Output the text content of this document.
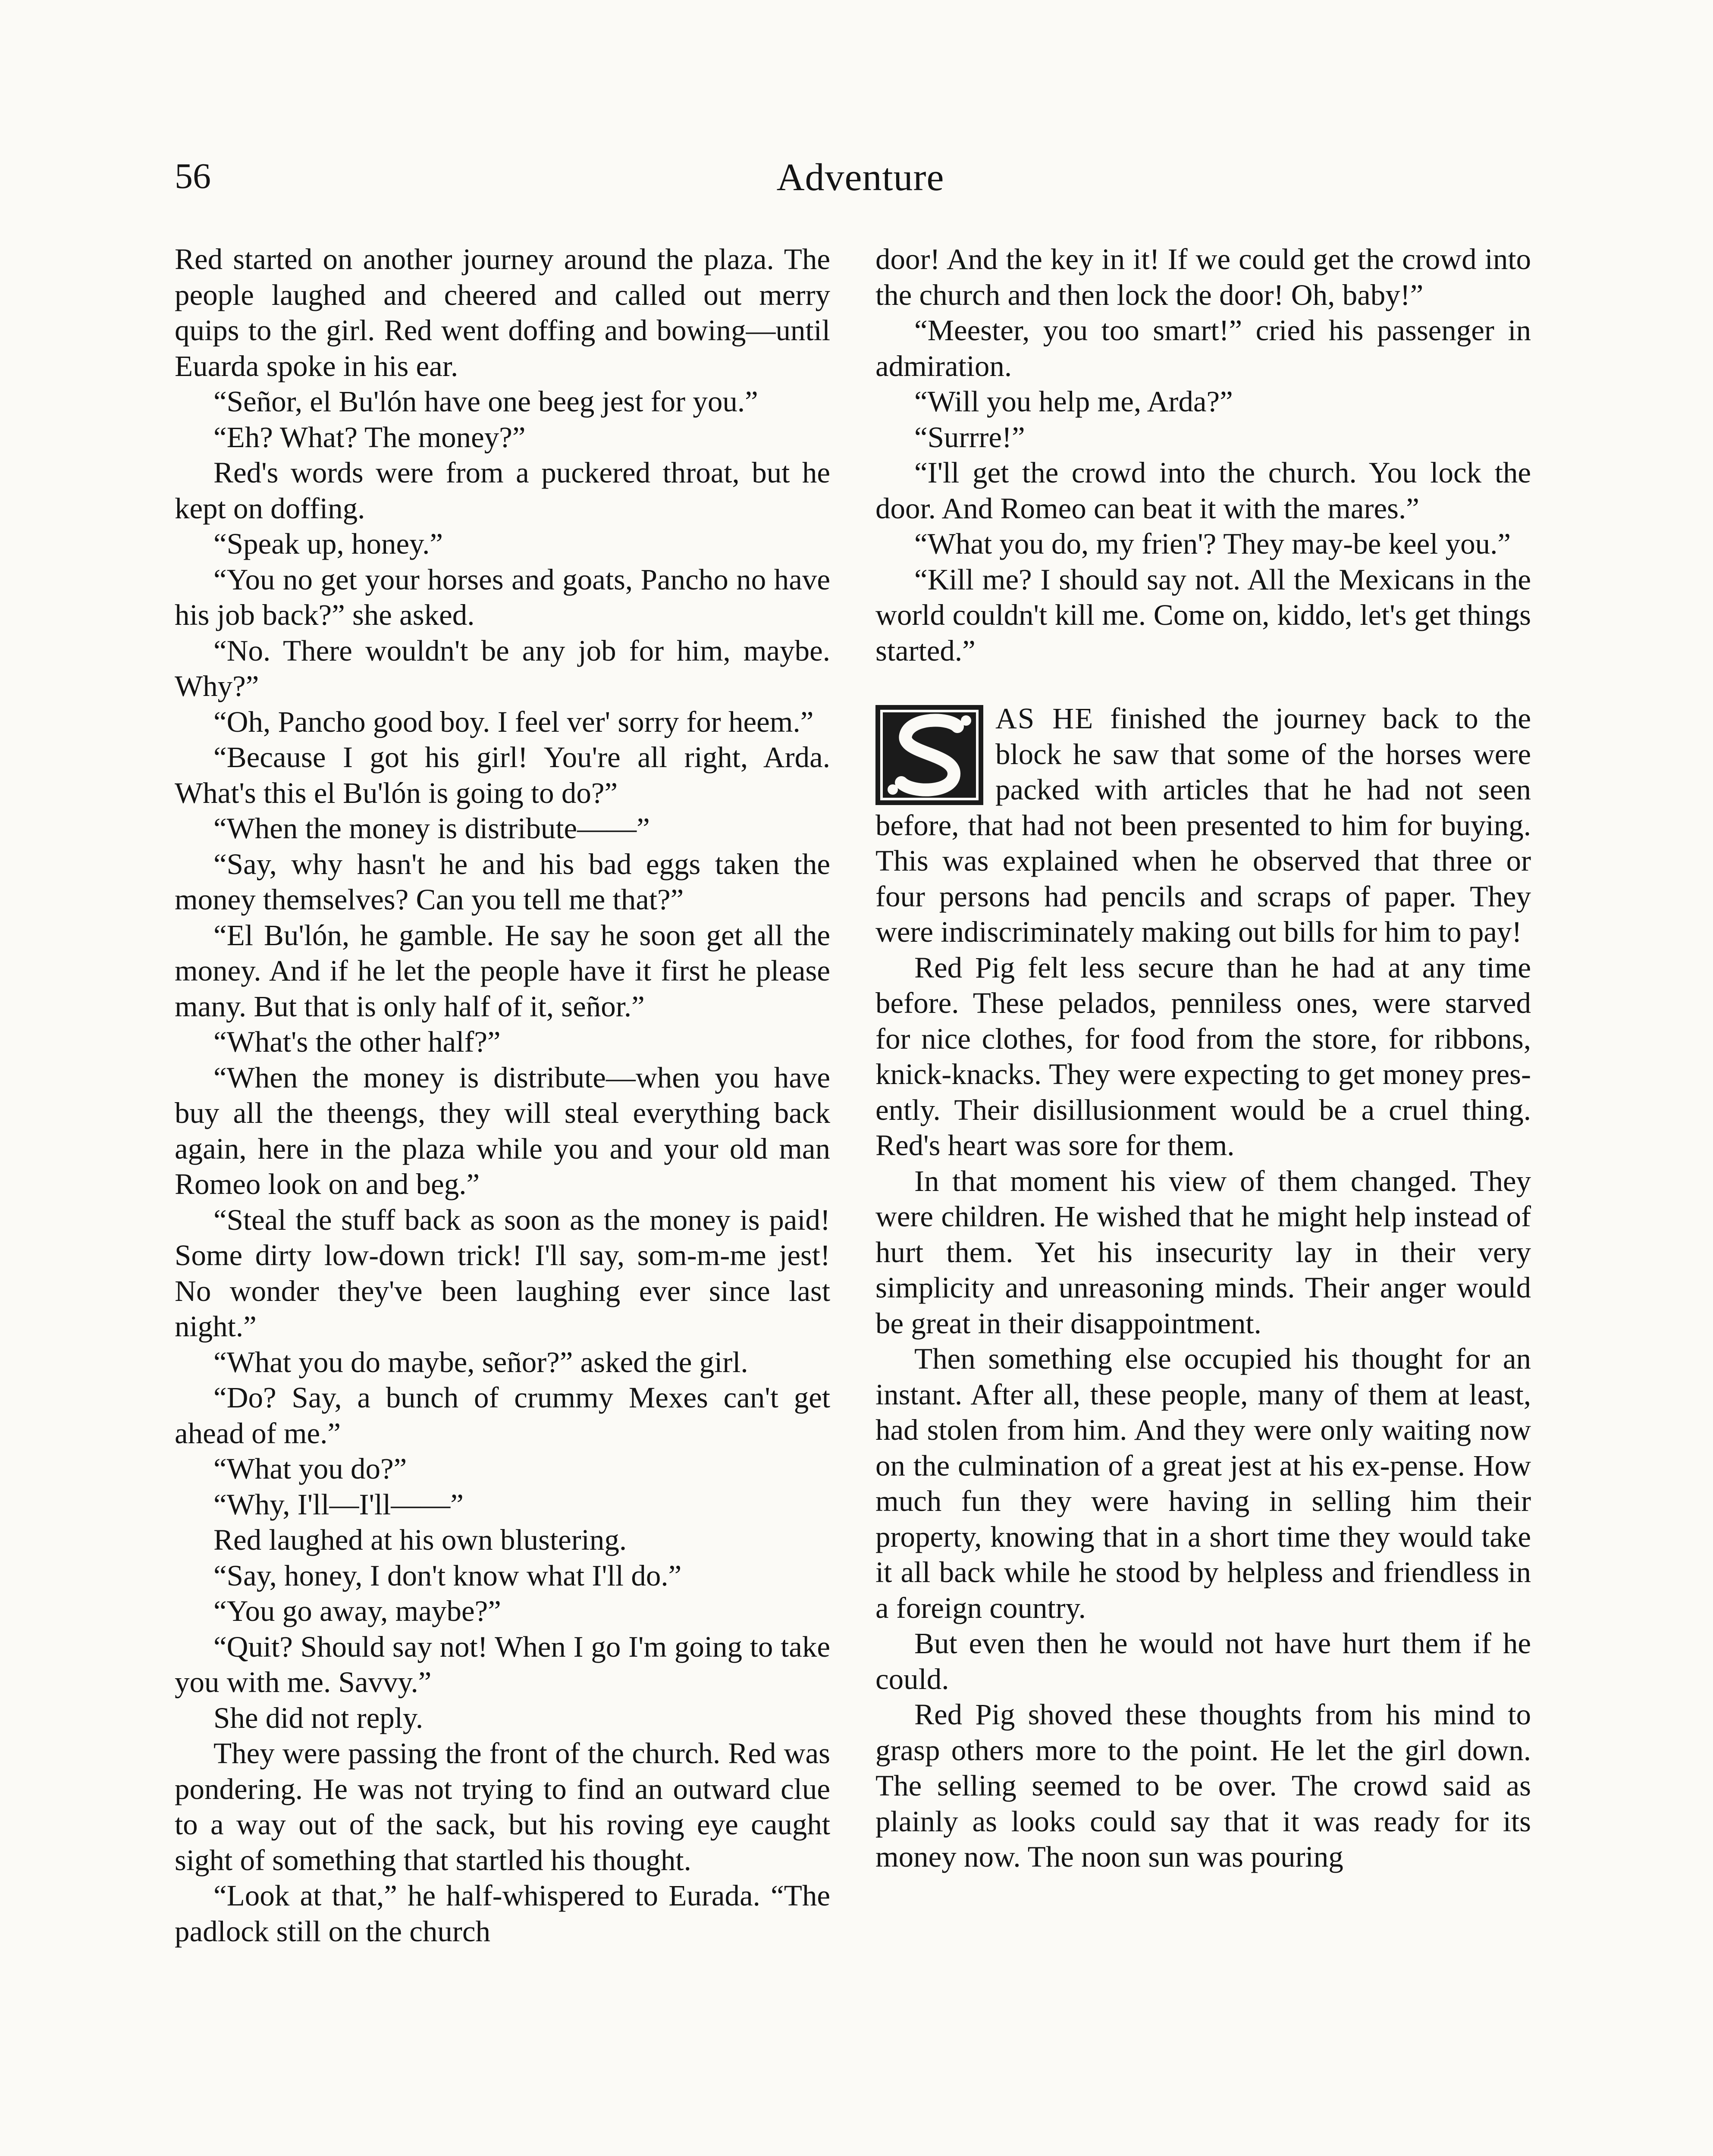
56	Adventure

Red started on another journey around the plaza. The people laughed and cheered and called out merry quips to the girl. Red went doffing and bowing—until Euarda spoke in his ear.

“Señor, el Bu'lón have one beeg jest for you.”

“Eh? What? The money?”

Red's words were from a puckered throat, but he kept on doffing.

“Speak up, honey.”

“You no get your horses and goats, Pancho no have his job back?” she asked.

“No. There wouldn't be any job for him, maybe. Why?”

“Oh, Pancho good boy. I feel ver' sorry for heem.”

“Because I got his girl! You're all right, Arda. What's this el Bu'lón is going to do?”

“When the money is distribute——”

“Say, why hasn't he and his bad eggs taken the money themselves? Can you tell me that?”

“El Bu'lón, he gamble. He say he soon get all the money. And if he let the people have it first he please many. But that is only half of it, señor.”

“What's the other half?”

“When the money is distribute—when you have buy all the theengs, they will steal everything back again, here in the plaza while you and your old man Romeo look on and beg.”

“Steal the stuff back as soon as the money is paid! Some dirty low-down trick! I'll say, som-m-me jest! No wonder they've been laughing ever since last night.”

“What you do maybe, señor?” asked the girl.

“Do? Say, a bunch of crummy Mexes can't get ahead of me.”

“What you do?”

“Why, I'll—I'll——”

Red laughed at his own blustering.

“Say, honey, I don't know what I'll do.”

“You go away, maybe?”

“Quit? Should say not! When I go I'm going to take you with me. Savvy.”

She did not reply.

They were passing the front of the church. Red was pondering. He was not trying to find an outward clue to a way out of the sack, but his roving eye caught sight of something that startled his thought.

“Look at that,” he half-whispered to Eurada. “The padlock still on the church

door! And the key in it! If we could get the crowd into the church and then lock the door! Oh, baby!”

“Meester, you too smart!” cried his passenger in admiration.

“Will you help me, Arda?”

“Surrre!”

“I'll get the crowd into the church. You lock the door. And Romeo can beat it with the mares.”

“What you do, my frien'? They may-be keel you.”

“Kill me? I should say not. All the Mexicans in the world couldn't kill me. Come on, kiddo, let's get things started.”

AS HE finished the journey back to the block he saw that some of the horses were packed with articles that he had not seen before, that had not been presented to him for buying. This was explained when he observed that three or four persons had pencils and scraps of paper. They were indiscriminately making out bills for him to pay!

Red Pig felt less secure than he had at any time before. These pelados, penniless ones, were starved for nice clothes, for food from the store, for ribbons, knick-knacks. They were expecting to get money pres-ently. Their disillusionment would be a cruel thing. Red's heart was sore for them.

In that moment his view of them changed. They were children. He wished that he might help instead of hurt them. Yet his insecurity lay in their very simplicity and unreasoning minds. Their anger would be great in their disappointment.

Then something else occupied his thought for an instant. After all, these people, many of them at least, had stolen from him. And they were only waiting now on the culmination of a great jest at his ex-pense. How much fun they were having in selling him their property, knowing that in a short time they would take it all back while he stood by helpless and friendless in a foreign country.

But even then he would not have hurt them if he could.

Red Pig shoved these thoughts from his mind to grasp others more to the point. He let the girl down. The selling seemed to be over. The crowd said as plainly as looks could say that it was ready for its money now. The noon sun was pouring
